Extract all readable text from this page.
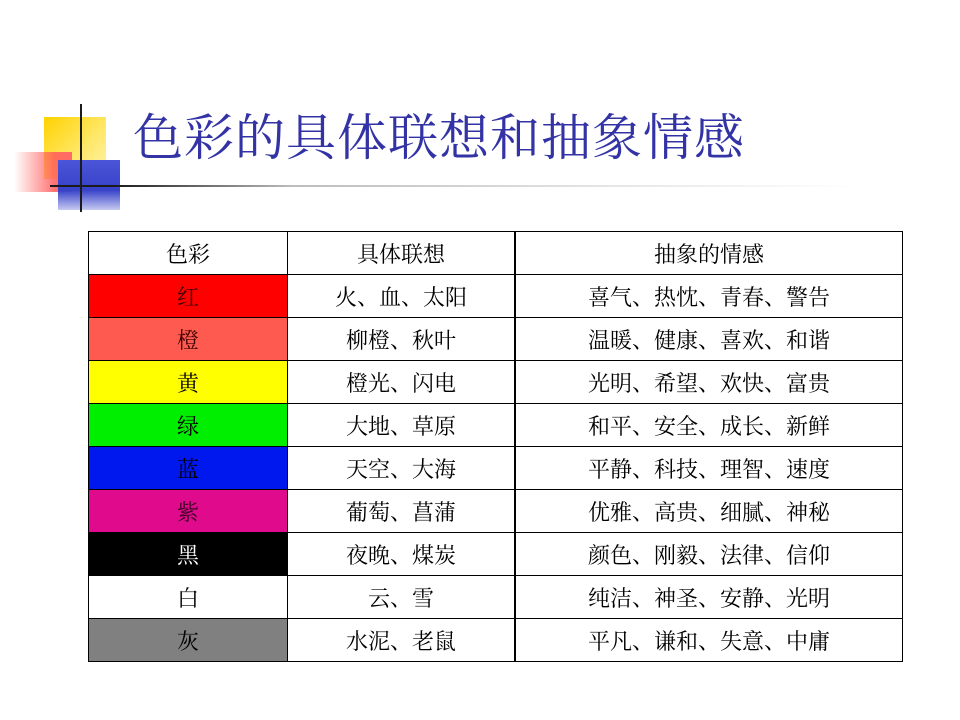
色彩的具体联想和抽象情感
色彩	具体联想	抽象的情感
红	火、血、太阳	喜气、热忱、青春、警告
橙	柳橙、秋叶	温暖、健康、喜欢、和谐
黄	橙光、闪电	光明、希望、欢快、富贵
绿	大地、草原	和平、安全、成长、新鲜
蓝	天空、大海	平静、科技、理智、速度
紫	葡萄、菖蒲	优雅、高贵、细腻、神秘
黑	夜晚、煤炭	颜色、刚毅、法律、信仰
白	云、雪	纯洁、神圣、安静、光明
灰	水泥、老鼠	平凡、谦和、失意、中庸
